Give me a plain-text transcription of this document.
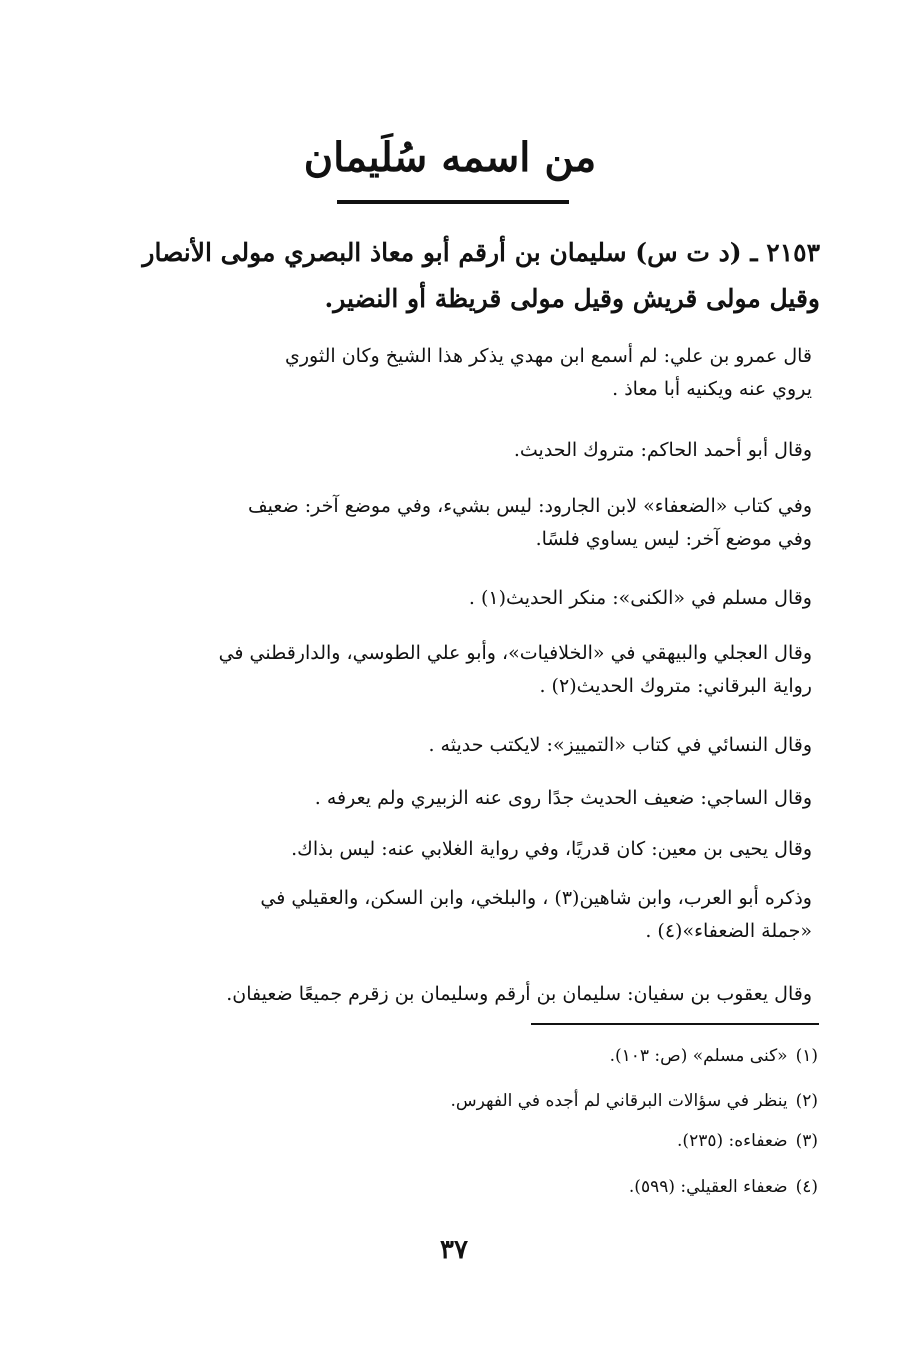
من اسمه سُلَيمان
٢١٥٣ ـ (د ت س) سليمان بن أرقم أبو معاذ البصري مولى الأنصار
وقيل مولى قريش وقيل مولى قريظة أو النضير.
قال عمرو بن علي: لم أسمع ابن مهدي يذكر هذا الشيخ وكان الثوري
يروي عنه ويكنيه أبا معاذ .
وقال أبو أحمد الحاكم: متروك الحديث.
وفي كتاب «الضعفاء» لابن الجارود: ليس بشيء، وفي موضع آخر: ضعيف
وفي موضع آخر: ليس يساوي فلسًا.
وقال مسلم في «الكنى»: منكر الحديث(١) .
وقال العجلي والبيهقي في «الخلافيات»، وأبو علي الطوسي، والدارقطني في
رواية البرقاني: متروك الحديث(٢) .
وقال النسائي في كتاب «التمييز»: لايكتب حديثه .
وقال الساجي: ضعيف الحديث جدًا روى عنه الزبيري ولم يعرفه .
وقال يحيى بن معين: كان قدريًا، وفي رواية الغلابي عنه: ليس بذاك.
وذكره أبو العرب، وابن شاهين(٣) ، والبلخي، وابن السكن، والعقيلي في
«جملة الضعفاء»(٤) .
وقال يعقوب بن سفيان: سليمان بن أرقم وسليمان بن زقرم جميعًا ضعيفان.
(١)«كنى مسلم» (ص: ١٠٣).
(٢)ينظر في سؤالات البرقاني لم أجده في الفهرس.
(٣)ضعفاءه: (٢٣٥).
(٤)ضعفاء العقيلي: (٥٩٩).
٣٧
